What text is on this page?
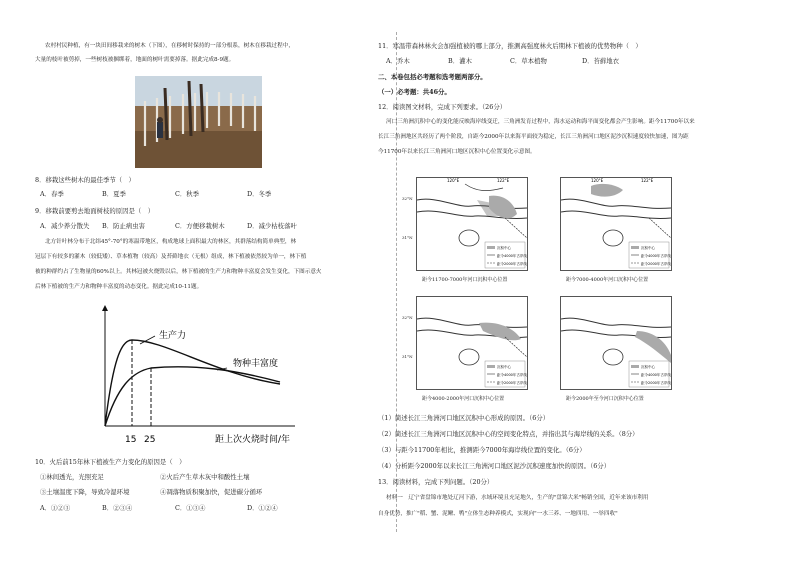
农村村民种植，有一块田间移栽来的树木（下图），在移树时保持的一部分根系，树木在移栽过程中，
大量的枝叶被剪掉，一些树枝被捆绑着，地面的树叶需要掉落。据此完成8-9题。
8．移栽这些树木的最佳季节（　）
A．春季	B．夏季	C．秋季	D．冬季
9．移栽前要剪去地面树枝的原因是（　）
A．减少养分散失 B．防止病虫害	C．方便移栽树木	D．减少枯枝落叶
北方针叶林分布于北纬45°-70°的寒温带地区，构成地球上面积最大的林区，其群落结构简单典型，林
冠层下有较多的灌木（较低矮）、草本植物（较高）及苔藓地衣（无根）组成，林下植被依然较为单一，林下植
被的种群约占了生物量的60%以上。其林冠被火烧毁以后，林下植被的生产力和物种丰富度会发生变化，下图示意火
后林下植被的生产力和物种丰富度的动态变化。据此完成10-11题。
生产力
物种丰富度
15 25	距上次火烧时间/年
10．火后前15年林下植被生产力变化的原因是（　）
①林间透光，光照充足	②火后产生草木灰中和酸性土壤
③土壤温度下降，导致冷湿环境	④凋落物质积聚加快，促进碳分循环
A．①②③	B．②③④	C．①③④	D．①②④
11．寒温带森林林火会加强植被的哪上部分，推测高强度林火后期林下植被的优势物种（　）
A．乔木	B．灌木	C．草本植物	D．苔藓地衣
二、本卷包括必考题和选考题两部分。
（一）必考题：共46分。
12．阅读图文材料，完成下列要求。（26分）
河口三角洲沉积中心的变化能反映海岸线变迁，三角洲发育过程中，海水运动和海平面变化都会产生影响。距今11700年以来
长江三角洲地区共经历了两个阶段，自距今2000年以来海平面较为稳定，长江三角洲河口地区泥沙沉积速度较快加速，图为距
今11700年以来长江三角洲河口地区沉积中心位置变化示意图。
沉积中心
距今4000年古岸线
距今2000年古岸线
120°E	122°E
32°N
31°N
距今11700-7000年河口沉积中心位置
沉积中心
距今4000年古岸线
距今2000年古岸线
120°E	122°E
距今7000-4000年河口沉积中心位置
沉积中心
距今4000年古岸线
距今2000年古岸线
32°N
31°N
距今4000-2000年河口沉积中心位置
沉积中心
距今4000年古岸线
距今2000年古岸线
距今2000年至今河口沉积中心位置
（1）简述长江三角洲河口地区沉积中心形成的原因。（6分）
（2）简述长江三角洲河口地区沉积中心的空间变化特点，并指出其与海岸线的关系。（8分）
（3）与距今11700年相比，推测距今7000年海岸线位置的变化。（6分）
（4）分析距今2000年以来长江三角洲河口地区泥沙沉积速度加快的原因。（6分）
13．阅读材料，完成下列问题。（20分）
材料一　辽宁省盘锦市地处辽河下游，水域环境且充足地久，生产的"盘锦大米"畅销全国，近年来该市利用
自身优势，推广"稻、蟹、泥鳅、鸭"立体生态种养模式，实现向"一水三养、一地四用、一举四收"
